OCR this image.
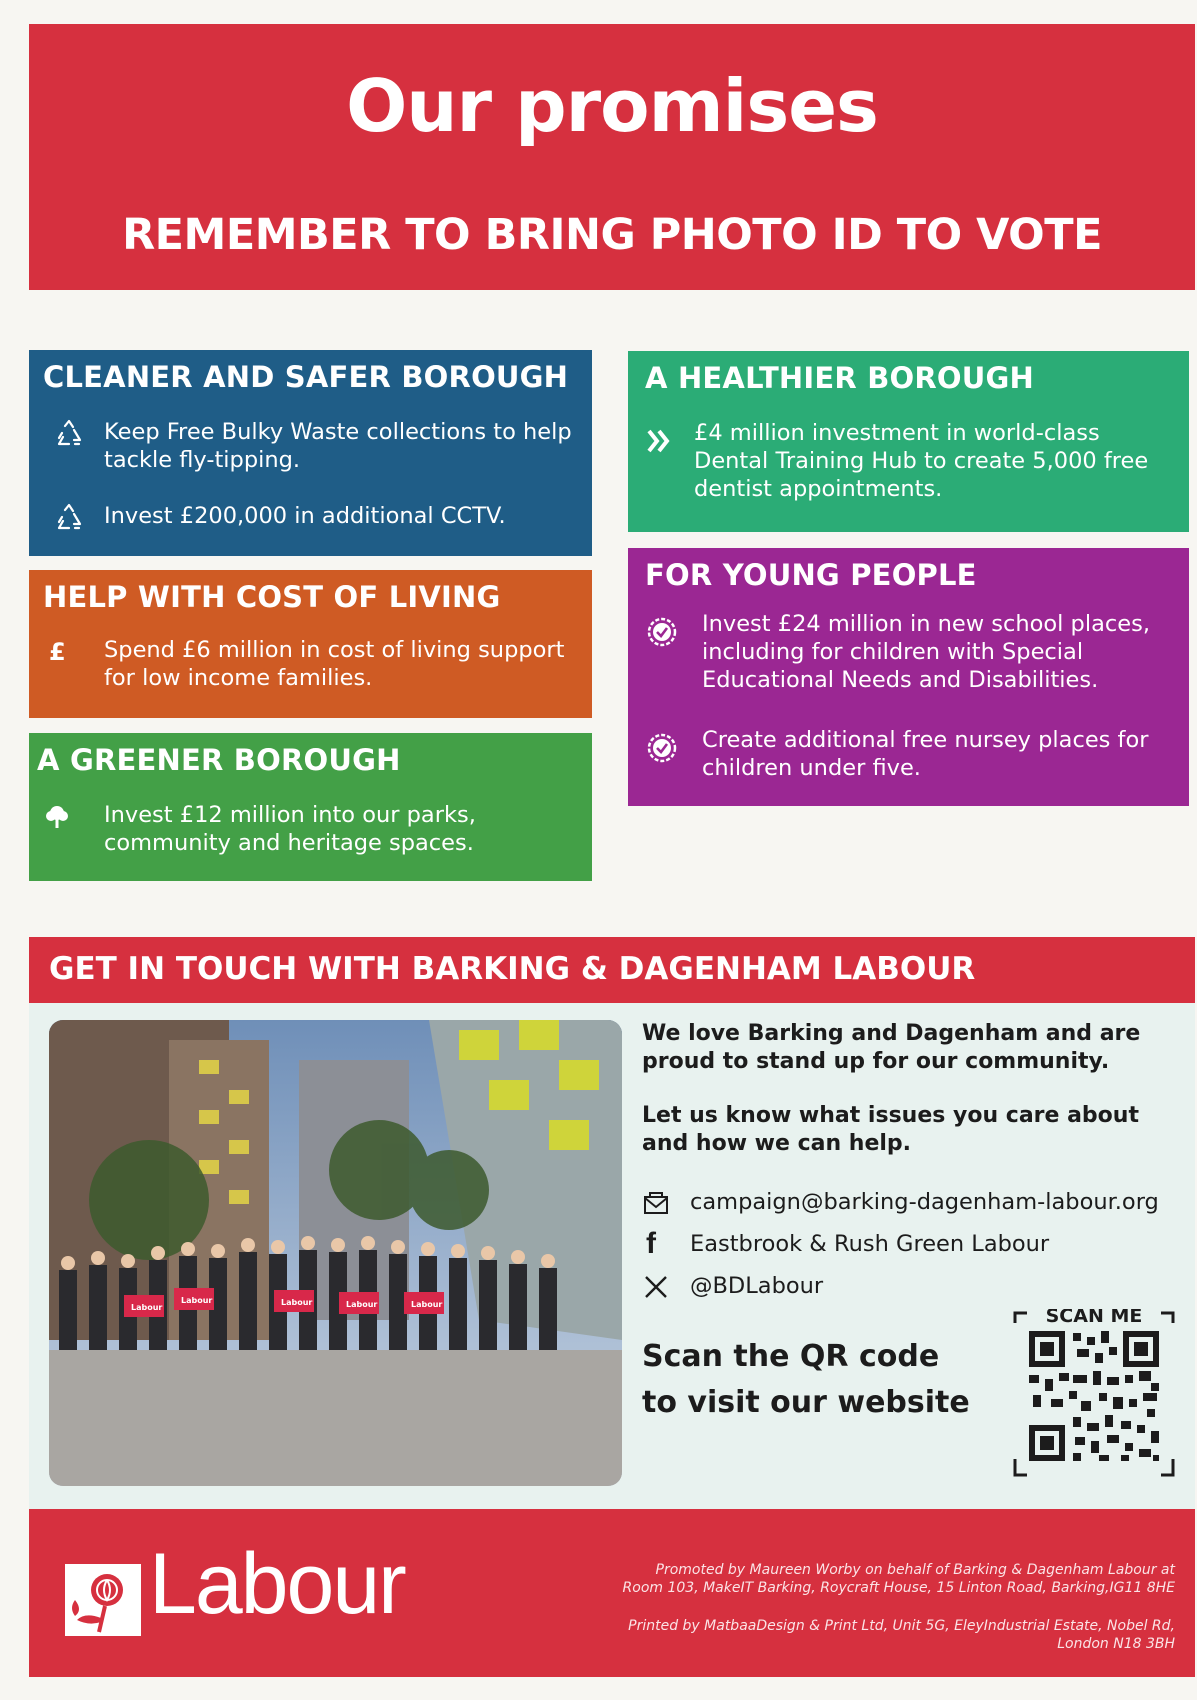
Our promises
REMEMBER TO BRING PHOTO ID TO VOTE
CLEANER AND SAFER BOROUGH
Keep Free Bulky Waste collections to help tackle fly-tipping.
Invest £200,000 in additional CCTV.
HELP WITH COST OF LIVING
£	Spend £6 million in cost of living support for low income families.
A GREENER BOROUGH
Invest £12 million into our parks, community and heritage spaces.
A HEALTHIER BOROUGH
£4 million investment in world-class Dental Training Hub to create 5,000 free dentist appointments.
FOR YOUNG PEOPLE
Invest £24 million in new school places, including for children with Special Educational Needs and Disabilities.
Create additional free nursey places for children under five.
GET IN TOUCH WITH BARKING & DAGENHAM LABOUR
Labour
Labour	Labour	Labour	Labour
We love Barking and Dagenham and are proud to stand up for our community.
Let us know what issues you care about and how we can help.
campaign@barking-dagenham-labour.org
f	Eastbrook & Rush Green Labour
@BDLabour
Scan the QR code
to visit our website
SCAN ME
Labour	Promoted by Maureen Worby on behalf of Barking & Dagenham Labour at
Room 103, MakeIT Barking, Roycraft House, 15 Linton Road, Barking,IG11 8HE
Printed by MatbaaDesign & Print Ltd, Unit 5G, EleyIndustrial Estate, Nobel Rd,
London N18 3BH
